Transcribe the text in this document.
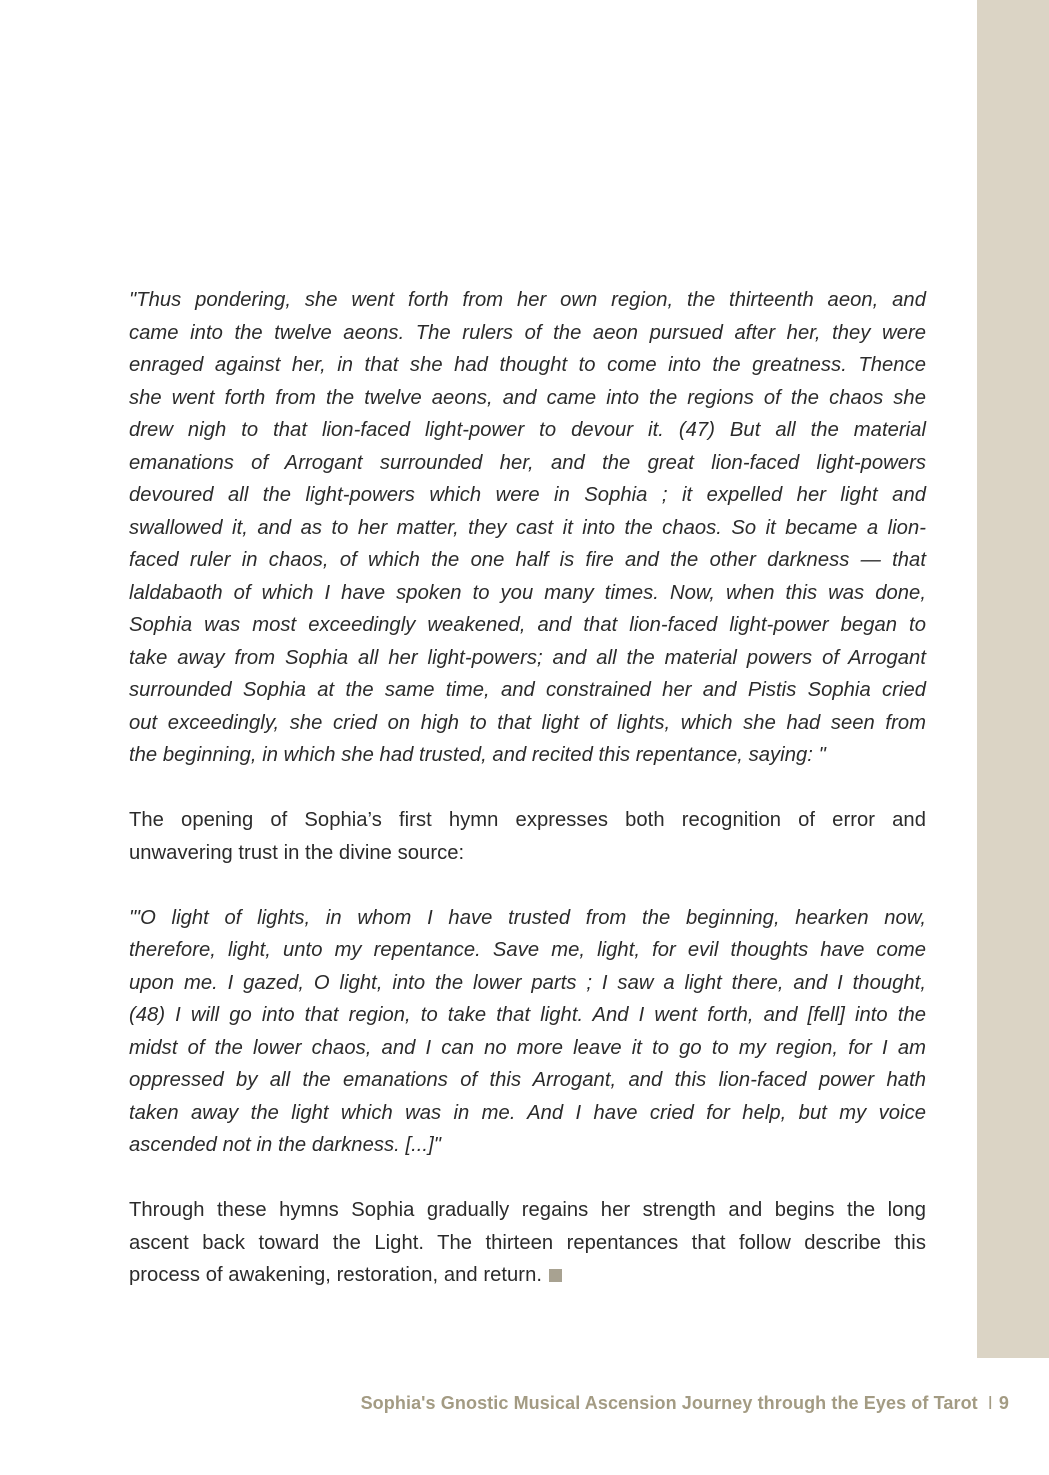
"Thus pondering, she went forth from her own region, the thirteenth aeon, and
came into the twelve aeons. The rulers of the aeon pursued after her, they were
enraged against her, in that she had thought to come into the greatness. Thence
she went forth from the twelve aeons, and came into the regions of the chaos she
drew nigh to that lion-faced light-power to devour it. (47) But all the material
emanations of Arrogant surrounded her, and the great lion-faced light-powers
devoured all the light-powers which were in Sophia ; it expelled her light and
swallowed it, and as to her matter, they cast it into the chaos. So it became a lion-
faced ruler in chaos, of which the one half is fire and the other darkness — that
laldabaoth of which I have spoken to you many times. Now, when this was done,
Sophia was most exceedingly weakened, and that lion-faced light-power began to
take away from Sophia all her light-powers; and all the material powers of Arrogant
surrounded Sophia at the same time, and constrained her and Pistis Sophia cried
out exceedingly, she cried on high to that light of lights, which she had seen from
the beginning, in which she had trusted, and recited this repentance, saying: "

The opening of Sophia’s first hymn expresses both recognition of error and
unwavering trust in the divine source:

"'O light of lights, in whom I have trusted from the beginning, hearken now,
therefore, light, unto my repentance. Save me, light, for evil thoughts have come
upon me. I gazed, O light, into the lower parts ; I saw a light there, and I thought,
(48) I will go into that region, to take that light. And I went forth, and [fell] into the
midst of the lower chaos, and I can no more leave it to go to my region, for I am
oppressed by all the emanations of this Arrogant, and this lion-faced power hath
taken away the light which was in me. And I have cried for help, but my voice
ascended not in the darkness. [...]"

Through these hymns Sophia gradually regains her strength and begins the long
ascent back toward the Light. The thirteen repentances that follow describe this
process of awakening, restoration, and return.

Sophia's Gnostic Musical Ascension Journey through the Eyes of Tarot I 9
